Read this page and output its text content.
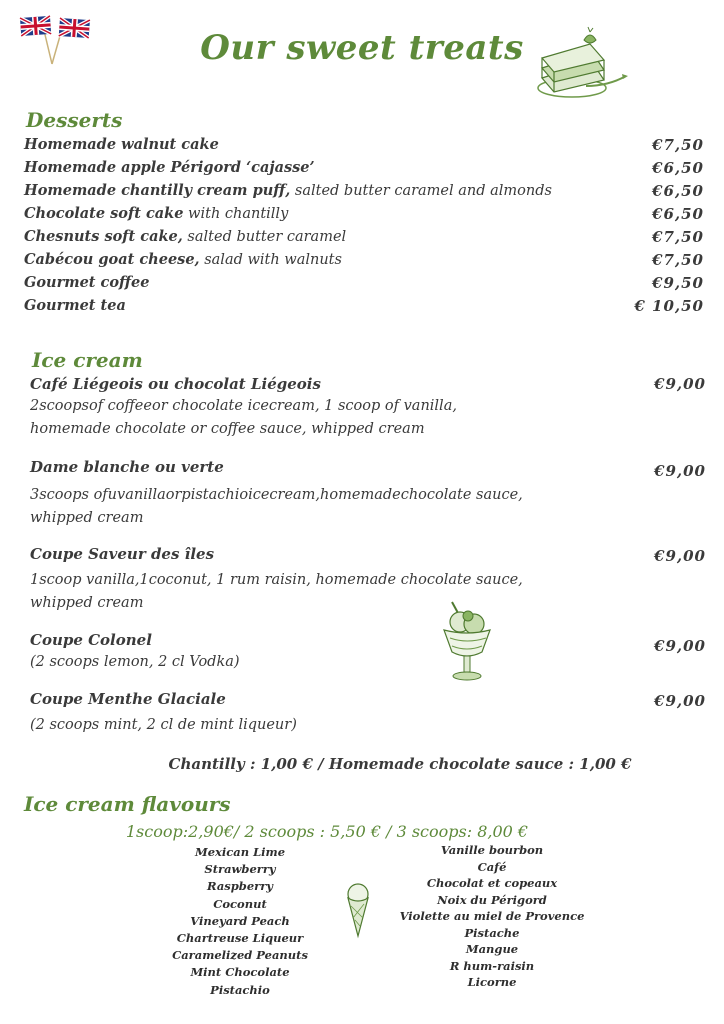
Our sweet treats
Desserts
Homemade walnut cake	€7,50
Homemade apple Périgord ‘cajasse’	€6,50
Homemade chantilly cream puff, salted butter caramel and almonds	€6,50
Chocolate soft cake with chantilly	€6,50
Chesnuts soft cake, salted butter caramel	€7,50
Cabécou goat cheese, salad with walnuts	€7,50
Gourmet coffee	€9,50
Gourmet tea	€ 10,50
Ice cream
Café Liégeois ou chocolat Liégeois	€9,00
2scoopsof coffeeor chocolate icecream, 1 scoop of vanilla,
homemade chocolate or coffee sauce, whipped cream
Dame blanche ou verte	€9,00
3scoops ofuvanillaorpistachioicecream,homemadechocolate sauce,
whipped cream
Coupe Saveur des îles	€9,00
1scoop vanilla,1coconut, 1 rum raisin, homemade chocolate sauce,
whipped cream
Coupe Colonel	€9,00
(2 scoops lemon, 2 cl Vodka)
Coupe Menthe Glaciale	€9,00
(2 scoops mint, 2 cl de mint liqueur)
Chantilly : 1,00 € / Homemade chocolate sauce : 1,00 €
Ice cream flavours
1scoop:2,90€/ 2 scoops : 5,50 € / 3 scoops: 8,00 €
Mexican Lime
Strawberry
Raspberry
Coconut
Vineyard Peach
Chartreuse Liqueur
Caramelized Peanuts
Mint Chocolate
Pistachio
Vanille bourbon
Café
Chocolat et copeaux
Noix du Périgord
Violette au miel de Provence
Pistache
Mangue
R hum-raisin
Licorne
